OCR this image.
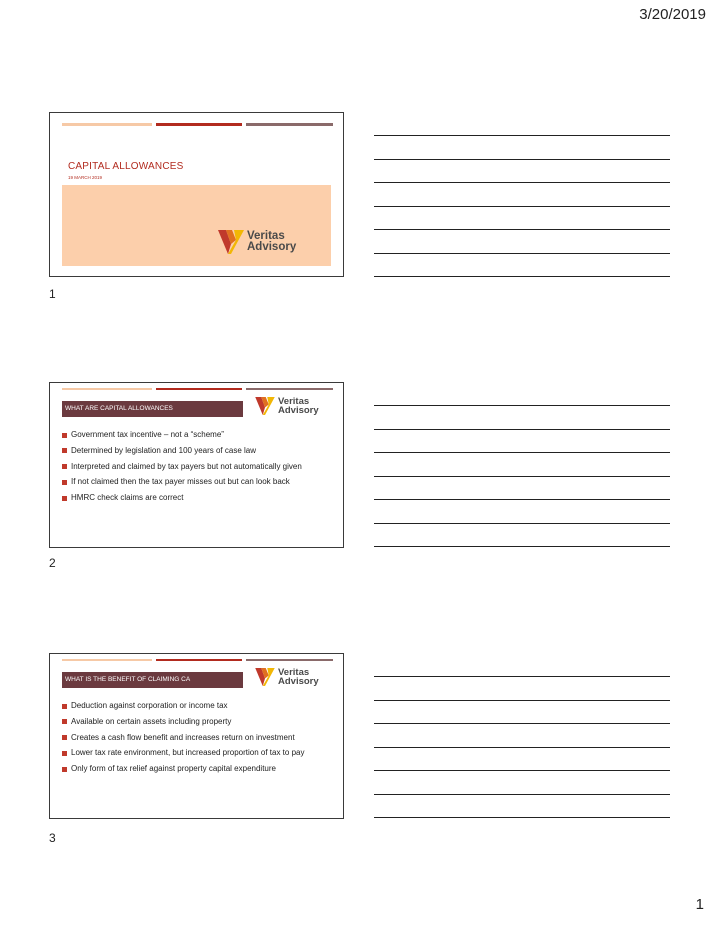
3/20/2019
CAPITAL ALLOWANCES
19 MARCH 2019
Veritas
Advisory
1
WHAT ARE CAPITAL ALLOWANCES
Veritas
Advisory
Government tax incentive – not a “scheme”
Determined by legislation and 100 years of case law
Interpreted and claimed by tax payers but not automatically given
If not claimed then the tax payer misses out but can look back
HMRC check claims are correct
2
WHAT IS THE BENEFIT OF CLAIMING CA
Veritas
Advisory
Deduction against corporation or income tax
Available on certain assets including property
Creates a cash flow benefit and increases return on investment
Lower tax rate environment, but increased proportion of tax to pay
Only form of tax relief against property capital expenditure
3
1
